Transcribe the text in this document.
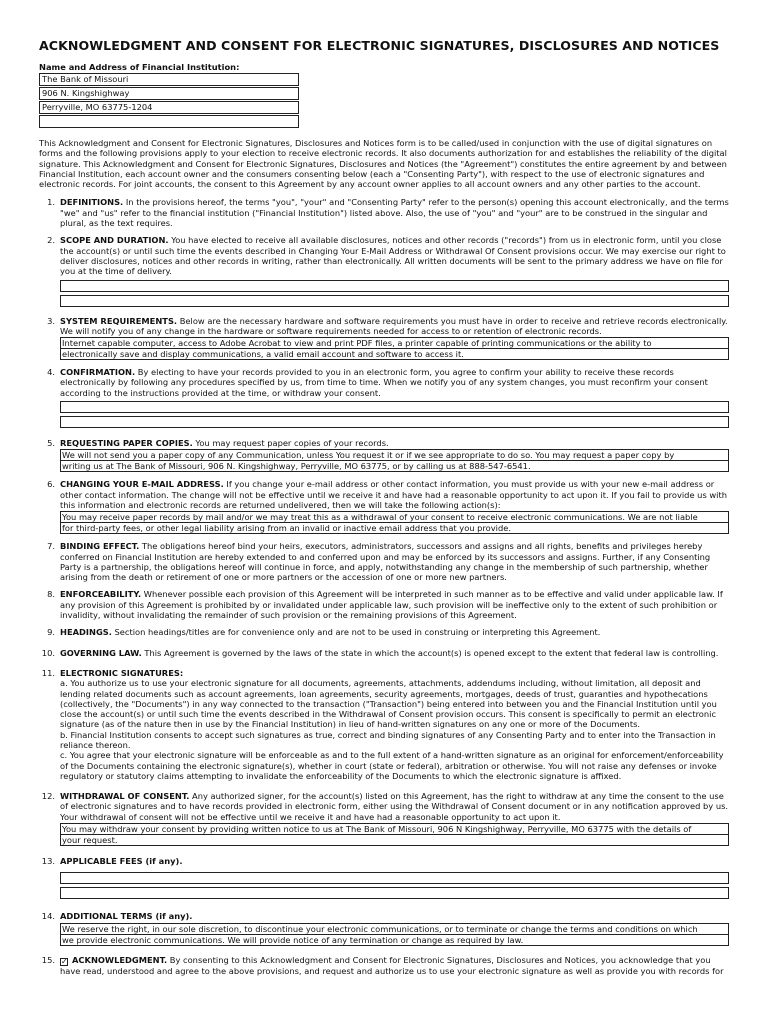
ACKNOWLEDGMENT AND CONSENT FOR ELECTRONIC SIGNATURES, DISCLOSURES AND NOTICES
Name and Address of Financial Institution:
The Bank of Missouri
906 N. Kingshighway
Perryville, MO 63775-1204

This Acknowledgment and Consent for Electronic Signatures, Disclosures and Notices form is to be called/used in conjunction with the use of digital signatures on forms and the following provisions apply to your election to receive electronic records. It also documents authorization for and establishes the reliability of the digital signature. This Acknowledgment and Consent for Electronic Signatures, Disclosures and Notices (the "Agreement") constitutes the entire agreement by and between Financial Institution, each account owner and the consumers consenting below (each a "Consenting Party"), with respect to the use of electronic signatures and electronic records. For joint accounts, the consent to this Agreement by any account owner applies to all account owners and any other parties to the account.

1. DEFINITIONS. In the provisions hereof, the terms "you", "your" and "Consenting Party" refer to the person(s) opening this account electronically, and the terms "we" and "us" refer to the financial institution ("Financial Institution") listed above. Also, the use of "you" and "your" are to be construed in the singular and plural, as the text requires.
2. SCOPE AND DURATION. You have elected to receive all available disclosures, notices and other records ("records") from us in electronic form, until you close the account(s) or until such time the events described in Changing Your E-Mail Address or Withdrawal Of Consent provisions occur. We may exercise our right to deliver disclosures, notices and other records in writing, rather than electronically. All written documents will be sent to the primary address we have on file for you at the time of delivery.
3. SYSTEM REQUIREMENTS. Below are the necessary hardware and software requirements you must have in order to receive and retrieve records electronically. We will notify you of any change in the hardware or software requirements needed for access to or retention of electronic records.
Internet capable computer, access to Adobe Acrobat to view and print PDF files, a printer capable of printing communications or the ability to
electronically save and display communications, a valid email account and software to access it.
4. CONFIRMATION. By electing to have your records provided to you in an electronic form, you agree to confirm your ability to receive these records electronically by following any procedures specified by us, from time to time. When we notify you of any system changes, you must reconfirm your consent according to the instructions provided at the time, or withdraw your consent.
5. REQUESTING PAPER COPIES. You may request paper copies of your records.
We will not send you a paper copy of any Communication, unless You request it or if we see appropriate to do so. You may request a paper copy by
writing us at The Bank of Missouri, 906 N. Kingshighway, Perryville, MO 63775, or by calling us at 888-547-6541.
6. CHANGING YOUR E-MAIL ADDRESS. If you change your e-mail address or other contact information, you must provide us with your new e-mail address or other contact information. The change will not be effective until we receive it and have had a reasonable opportunity to act upon it. If you fail to provide us with this information and electronic records are returned undelivered, then we will take the following action(s):
You may receive paper records by mail and/or we may treat this as a withdrawal of your consent to receive electronic communications. We are not liable
for third-party fees, or other legal liability arising from an invalid or inactive email address that you provide.
7. BINDING EFFECT. The obligations hereof bind your heirs, executors, administrators, successors and assigns and all rights, benefits and privileges hereby conferred on Financial Institution are hereby extended to and conferred upon and may be enforced by its successors and assigns. Further, if any Consenting Party is a partnership, the obligations hereof will continue in force, and apply, notwithstanding any change in the membership of such partnership, whether arising from the death or retirement of one or more partners or the accession of one or more new partners.
8. ENFORCEABILITY. Whenever possible each provision of this Agreement will be interpreted in such manner as to be effective and valid under applicable law. If any provision of this Agreement is prohibited by or invalidated under applicable law, such provision will be ineffective only to the extent of such prohibition or invalidity, without invalidating the remainder of such provision or the remaining provisions of this Agreement.
9. HEADINGS. Section headings/titles are for convenience only and are not to be used in construing or interpreting this Agreement.
10. GOVERNING LAW. This Agreement is governed by the laws of the state in which the account(s) is opened except to the extent that federal law is controlling.
11. ELECTRONIC SIGNATURES:
a. You authorize us to use your electronic signature for all documents, agreements, attachments, addendums including, without limitation, all deposit and lending related documents such as account agreements, loan agreements, security agreements, mortgages, deeds of trust, guaranties and hypothecations (collectively, the "Documents") in any way connected to the transaction ("Transaction") being entered into between you and the Financial Institution until you close the account(s) or until such time the events described in the Withdrawal of Consent provision occurs. This consent is specifically to permit an electronic signature (as of the nature then in use by the Financial Institution) in lieu of hand-written signatures on any one or more of the Documents.
b. Financial Institution consents to accept such signatures as true, correct and binding signatures of any Consenting Party and to enter into the Transaction in reliance thereon.
c. You agree that your electronic signature will be enforceable as and to the full extent of a hand-written signature as an original for enforcement/enforceability of the Documents containing the electronic signature(s), whether in court (state or federal), arbitration or otherwise. You will not raise any defenses or invoke regulatory or statutory claims attempting to invalidate the enforceability of the Documents to which the electronic signature is affixed.
12. WITHDRAWAL OF CONSENT. Any authorized signer, for the account(s) listed on this Agreement, has the right to withdraw at any time the consent to the use of electronic signatures and to have records provided in electronic form, either using the Withdrawal of Consent document or in any notification approved by us. Your withdrawal of consent will not be effective until we receive it and have had a reasonable opportunity to act upon it.
You may withdraw your consent by providing written notice to us at The Bank of Missouri, 906 N Kingshighway, Perryville, MO 63775 with the details of
your request.
13. APPLICABLE FEES (if any).
14. ADDITIONAL TERMS (if any).
We reserve the right, in our sole discretion, to discontinue your electronic communications, or to terminate or change the terms and conditions on which
we provide electronic communications. We will provide notice of any termination or change as required by law.
15. ✓ ACKNOWLEDGMENT. By consenting to this Acknowledgment and Consent for Electronic Signatures, Disclosures and Notices, you acknowledge that you have read, understood and agree to the above provisions, and request and authorize us to use your electronic signature as well as provide you with records for
